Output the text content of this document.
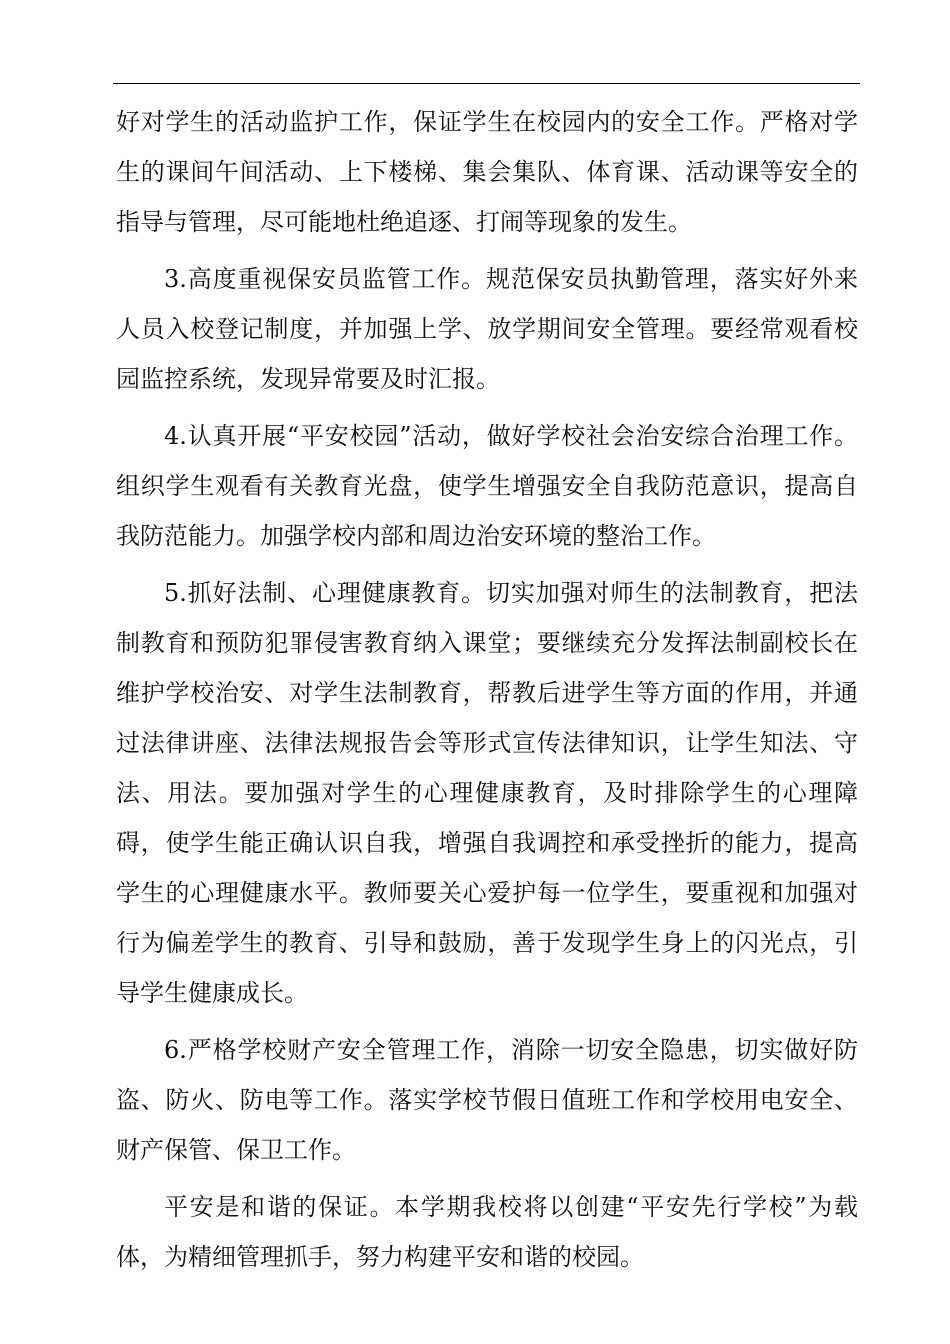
好对学生的活动监护工作，保证学生在校园内的安全工作。严格对学生的课间午间活动、上下楼梯、集会集队、体育课、活动课等安全的指导与管理，尽可能地杜绝追逐、打闹等现象的发生。

3.高度重视保安员监管工作。规范保安员执勤管理，落实好外来人员入校登记制度，并加强上学、放学期间安全管理。要经常观看校园监控系统，发现异常要及时汇报。

4.认真开展“平安校园”活动，做好学校社会治安综合治理工作。组织学生观看有关教育光盘，使学生增强安全自我防范意识，提高自我防范能力。加强学校内部和周边治安环境的整治工作。

5.抓好法制、心理健康教育。切实加强对师生的法制教育，把法制教育和预防犯罪侵害教育纳入课堂；要继续充分发挥法制副校长在维护学校治安、对学生法制教育，帮教后进学生等方面的作用，并通过法律讲座、法律法规报告会等形式宣传法律知识，让学生知法、守法、用法。要加强对学生的心理健康教育，及时排除学生的心理障碍，使学生能正确认识自我，增强自我调控和承受挫折的能力，提高学生的心理健康水平。教师要关心爱护每一位学生，要重视和加强对行为偏差学生的教育、引导和鼓励，善于发现学生身上的闪光点，引导学生健康成长。

6.严格学校财产安全管理工作，消除一切安全隐患，切实做好防盗、防火、防电等工作。落实学校节假日值班工作和学校用电安全、财产保管、保卫工作。

平安是和谐的保证。本学期我校将以创建“平安先行学校”为载体，为精细管理抓手，努力构建平安和谐的校园。
